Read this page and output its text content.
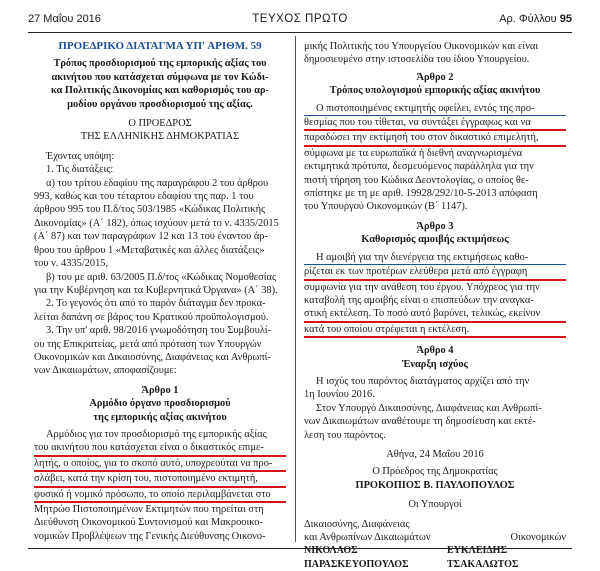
27 Μαΐου 2016	ΤΕΥΧΟΣ ΠΡΩΤΟ	Αρ. Φύλλου 95
ΠΡΟΕΔΡΙΚΟ ΔΙΑΤΑΓΜΑ ΥΠ' ΑΡΙΘΜ. 59
Τρόπος προσδιορισμού της εμπορικής αξίας του
ακινήτου που κατάσχεται σύμφωνα με τον Κώδι-
κα Πολιτικής Δικονομίας και καθορισμός του αρ-
μοδίου οργάνου προσδιορισμού της αξίας.
Ο ΠΡΟΕΔΡΟΣ
ΤΗΣ ΕΛΛΗΝΙΚΗΣ ΔΗΜΟΚΡΑΤΙΑΣ
Έχοντας υπόψη:
1. Τις διατάξεις:
α) του τρίτου εδαφίου της παραγράφου 2 του άρθρου
993, καθώς και του τέταρτου εδαφίου της παρ. 1 του
άρθρου 995 του Π.δ/τος 503/1985 «Κώδικας Πολιτικής
Δικονομίας» (Α΄ 182), όπως ισχύουν μετά το ν. 4335/2015
(Α΄ 87) και των παραγράφων 12 και 13 του έναντου άρ-
θρου του άρθρου 1 «Μεταβατικές και άλλες διατάξεις»
του ν. 4335/2015,
β) του με αριθ. 63/2005 Π.δ/τος «Κώδικας Νομοθεσίας
για την Κυβέρνηση και τα Κυβερνητικά Όργανα» (Α΄ 38).
2. Το γεγονός ότι από το παρόν διάταγμα δεν προκα-
λείται δαπάνη σε βάρος του Κρατικού προϋπολογισμού.
3. Την υπ' αριθ. 98/2016 γνωμοδότηση του Συμβουλί-
ου της Επικρατείας, μετά από πρόταση των Υπουργών
Οικονομικών και Δικαιοσύνης, Διαφάνειας και Ανθρωπί-
νων Δικαιωμάτων, αποφασίζουμε:
Άρθρο 1
Αρμόδιο όργανο προσδιορισμού
της εμπορικής αξίας ακινήτου
Αρμόδιος για τον προσδιορισμό της εμπορικής αξίας
του ακινήτου που κατάσχεται είναι ο δικαστικός επιμε-
λητής, ο οποίος, για το σκοπό αυτό, υποχρεούται να προ-
σλάβει, κατά την κρίση του, πιστοποιημένο εκτιμητή,
φυσικό ή νομικό πρόσωπο, το οποίο περιλαμβάνεται στο
Μητρώο Πιστοποιημένων Εκτιμητών που τηρείται στη
Διεύθυνση Οικονομικού Συντονισμού και Μακροοικο-
νομικών Προβλέψεων της Γενικής Διεύθυνσης Οικονο-
μικής Πολιτικής του Υπουργείου Οικονομικών και είναι
δημοσιευμένο στην ιστοσελίδα του ίδιου Υπουργείου.
Άρθρο 2
Τρόπος υπολογισμού εμπορικής αξίας ακινήτου
Ο πιστοποιημένος εκτιμητής οφείλει, εντός της προ-
θεσμίας που του τίθεται, να συντάξει έγγραφως και να
παραδώσει την εκτίμησή του στον δικαστικό επιμελητή,
σύμφωνα με τα ευρωπαϊκά ή διεθνή αναγνωρισμένα
εκτιμητικά πρότυπα, δεσμευόμενος παράλληλα για την
πιστή τήρηση του Κώδικα Δεοντολογίας, ο οποίος θε-
σπίστηκε με τη με αριθ. 19928/292/10-5-2013 απόφαση
του Υπουργού Οικονομικών (Β΄ 1147).
Άρθρο 3
Καθορισμός αμοιβής εκτιμήσεως
Η αμοιβή για την διενέργεια της εκτιμήσεως καθο-
ρίζεται εκ των προτέρων ελεύθερα μετά από έγγραφη
συμφωνία για την ανάθεση του έργου. Υπόχρεος για την
καταβολή της αμοιβής είναι ο επισπεύδων την αναγκα-
στική εκτέλεση. Το ποσό αυτό βαρύνει, τελικώς, εκείνον
κατά του οποίου στρέφεται η εκτέλεση.
Άρθρο 4
Έναρξη ισχύος
Η ισχύς του παρόντος διατάγματος αρχίζει από την
1η Ιουνίου 2016.
Στον Υπουργό Δικαιοσύνης, Διαφάνειας και Ανθρωπί-
νων Δικαιωμάτων αναθέτουμε τη δημοσίευση και εκτέ-
λεση του παρόντος.
Αθήνα, 24 Μαΐου 2016
Ο Πρόεδρος της Δημοκρατίας
ΠΡΟΚΟΠΙΟΣ Β. ΠΑΥΛΟΠΟΥΛΟΣ
Οι Υπουργοί
Δικαιοσύνης, Διαφάνειας
και Ανθρωπίνων Δικαιωμάτων	Οικονομικών
ΝΙΚΟΛΑΟΣ ΠΑΡΑΣΚΕΥΟΠΟΥΛΟΣ
ΕΥΚΛΕΙΔΗΣ ΤΣΑΚΑΛΩΤΟΣ
